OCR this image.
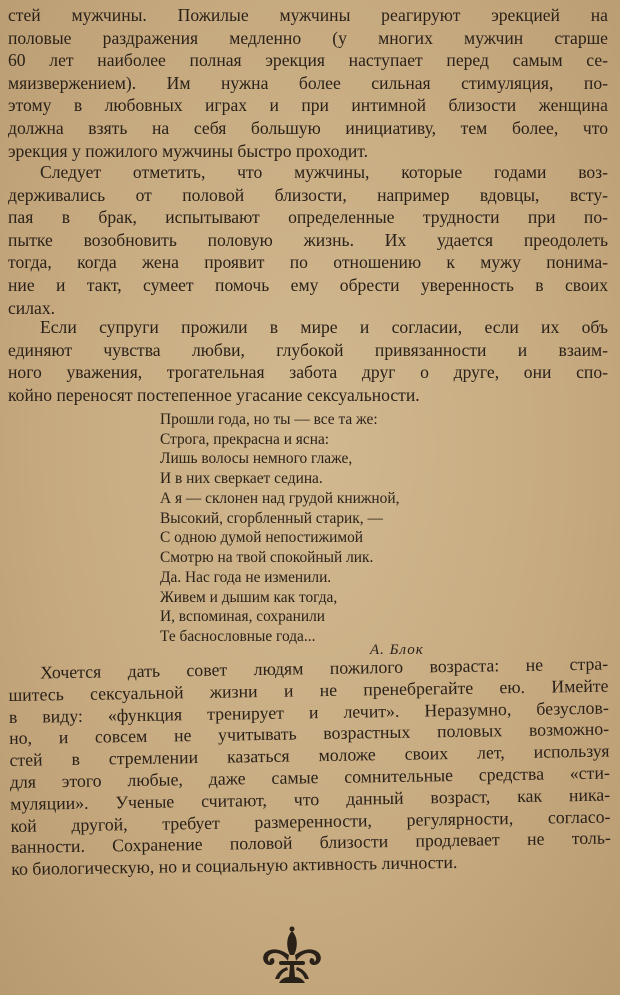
стей мужчины. Пожилые мужчины реагируют эрекцией на
половые раздражения медленно (у многих мужчин старше
60 лет наиболее полная эрекция наступает перед самым се-
мяизвержением). Им нужна более сильная стимуляция, по-
этому в любовных играх и при интимной близости женщина
должна взять на себя большую инициативу, тем более, что
эрекция у пожилого мужчины быстро проходит.
Следует отметить, что мужчины, которые годами воз-
держивались от половой близости, например вдовцы, всту-
пая в брак, испытывают определенные трудности при по-
пытке возобновить половую жизнь. Их удается преодолеть
тогда, когда жена проявит по отношению к мужу понима-
ние и такт, сумеет помочь ему обрести уверенность в своих
силах.
Если супруги прожили в мире и согласии, если их объ
единяют чувства любви, глубокой привязанности и взаим-
ного уважения, трогательная забота друг о друге, они спо-
койно переносят постепенное угасание сексуальности.
Прошли года, но ты — все та же:
Строга, прекрасна и ясна:
Лишь волосы немного глаже,
И в них сверкает седина.
А я — склонен над грудой книжной,
Высокий, сгорбленный старик, —
С одною думой непостижимой
Смотрю на твой спокойный лик.
Да. Нас года не изменили.
Живем и дышим как тогда,
И, вспоминая, сохранили
Те баснословные года...
А. Блок
Хочется дать совет людям пожилого возраста: не стра-
шитесь сексуальной жизни и не пренебрегайте ею. Имейте
в виду: «функция тренирует и лечит». Неразумно, безуслов-
но, и совсем не учитывать возрастных половых возможно-
стей в стремлении казаться моложе своих лет, используя
для этого любые, даже самые сомнительные средства «сти-
муляции». Ученые считают, что данный возраст, как ника-
кой другой, требует размеренности, регулярности, согласо-
ванности. Сохранение половой близости продлевает не толь-
ко биологическую, но и социальную активность личности.
